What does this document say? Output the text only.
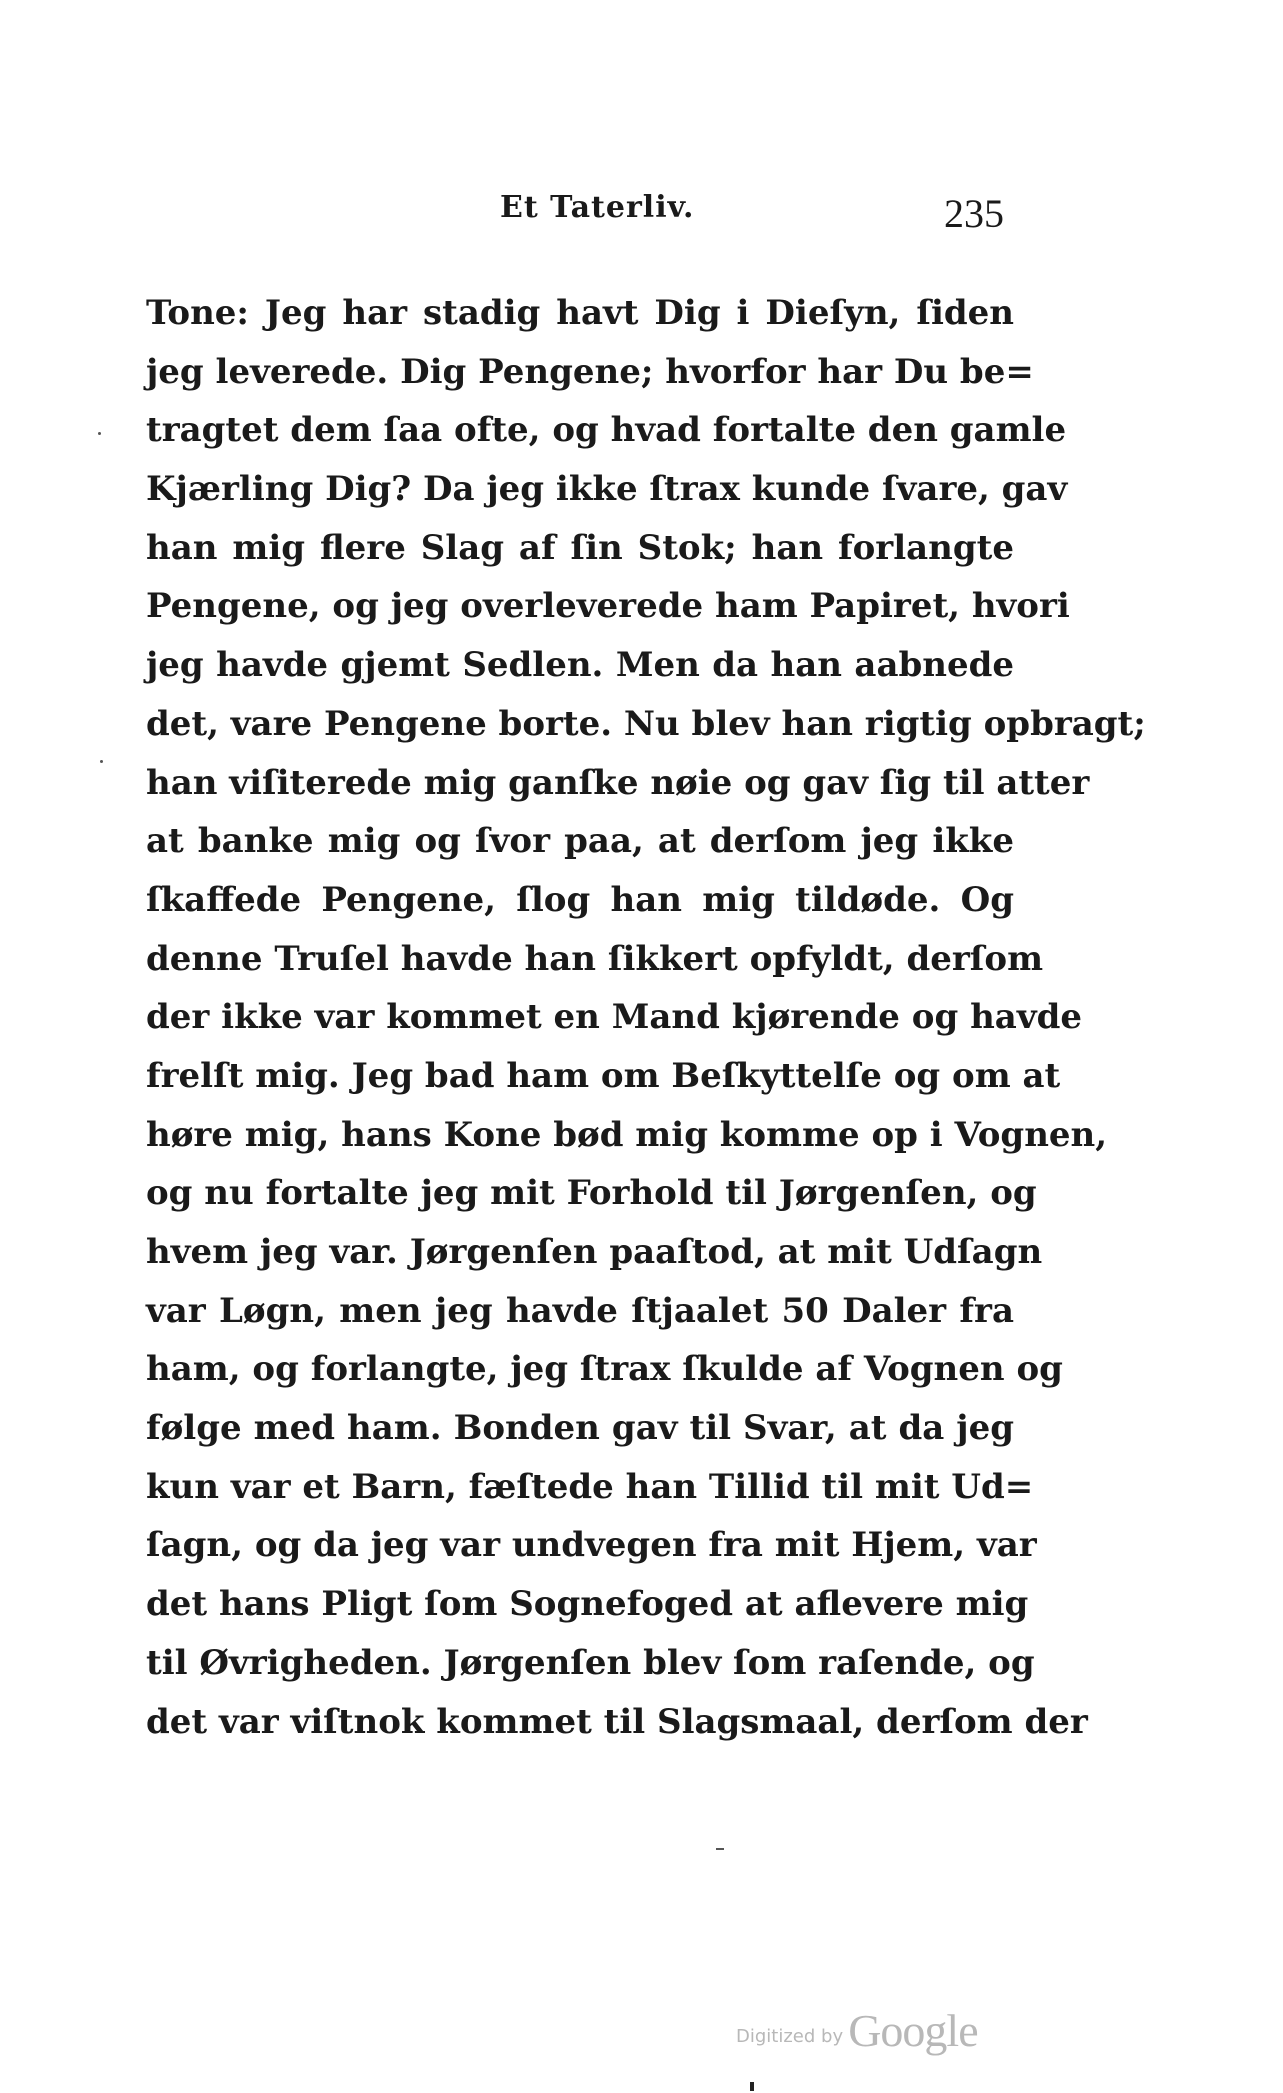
Et Taterliv.	235
Tone: Jeg har stadig havt Dig i Dieſyn, ſiden
jeg leverede. Dig Pengene; hvorfor har Du be=
tragtet dem ſaa ofte, og hvad fortalte den gamle
Kjærling Dig? Da jeg ikke ſtrax kunde ſvare, gav
han mig flere Slag af ſin Stok; han forlangte
Pengene, og jeg overleverede ham Papiret, hvori
jeg havde gjemt Sedlen. Men da han aabnede
det, vare Pengene borte. Nu blev han rigtig opbragt;
han viſiterede mig ganſke nøie og gav ſig til atter
at banke mig og ſvor paa, at derſom jeg ikke
ſkaffede Pengene, ſlog han mig tildøde. Og
denne Truſel havde han ſikkert opfyldt, derſom
der ikke var kommet en Mand kjørende og havde
frelſt mig. Jeg bad ham om Beſkyttelſe og om at
høre mig, hans Kone bød mig komme op i Vognen,
og nu fortalte jeg mit Forhold til Jørgenſen, og
hvem jeg var. Jørgenſen paaſtod, at mit Udſagn
var Løgn, men jeg havde ſtjaalet 50 Daler fra
ham, og forlangte, jeg ſtrax ſkulde af Vognen og
følge med ham. Bonden gav til Svar, at da jeg
kun var et Barn, fæſtede han Tillid til mit Ud=
ſagn, og da jeg var undvegen fra mit Hjem, var
det hans Pligt ſom Sognefoged at aflevere mig
til Øvrigheden. Jørgenſen blev ſom raſende, og
det var viſtnok kommet til Slagsmaal, derſom der
Digitized by Google
